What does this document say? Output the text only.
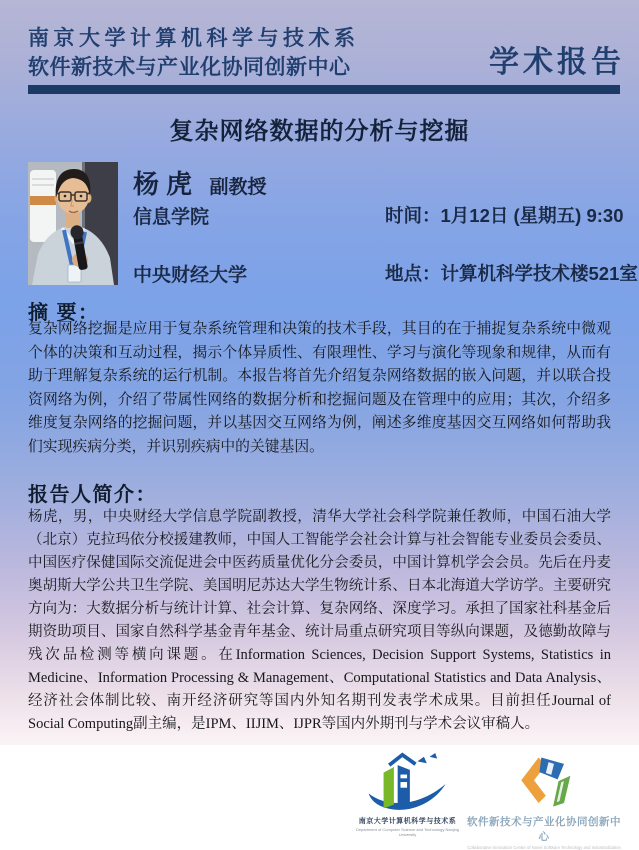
南京大学计算机科学与技术系
软件新技术与产业化协同创新中心	学术报告
复杂网络数据的分析与挖掘
杨虎 副教授
信息学院
中央财经大学
时间：1月12日 (星期五) 9:30
地点：计算机科学技术楼521室
摘 要：
复杂网络挖掘是应用于复杂系统管理和决策的技术手段，其目的在于捕捉复杂系统中微观个体的决策和互动过程，揭示个体异质性、有限理性、学习与演化等现象和规律，从而有助于理解复杂系统的运行机制。本报告将首先介绍复杂网络数据的嵌入问题，并以联合投资网络为例，介绍了带属性网络的数据分析和挖掘问题及在管理中的应用；其次，介绍多维度复杂网络的挖掘问题，并以基因交互网络为例，阐述多维度基因交互网络如何帮助我们实现疾病分类，并识别疾病中的关键基因。
报告人简介：
杨虎，男，中央财经大学信息学院副教授，清华大学社会科学院兼任教师，中国石油大学（北京）克拉玛依分校援建教师，中国人工智能学会社会计算与社会智能专业委员会委员、中国医疗保健国际交流促进会中医药质量优化分会委员，中国计算机学会会员。先后在丹麦奥胡斯大学公共卫生学院、美国明尼苏达大学生物统计系、日本北海道大学访学。主要研究方向为：大数据分析与统计计算、社会计算、复杂网络、深度学习。承担了国家社科基金后期资助项目、国家自然科学基金青年基金、统计局重点研究项目等纵向课题，及德勤故障与残次品检测等横向课题。在Information Sciences, Decision Support Systems, Statistics in Medicine、Information Processing & Management、Computational Statistics and Data Analysis、经济社会体制比较、南开经济研究等国内外知名期刊发表学术成果。目前担任Journal of Social Computing副主编，是IPM、IIJIM、IJPR等国内外期刊与学术会议审稿人。
南京大学计算机科学与技术系
Department of Computer Science and Technology Nanjing University
软件新技术与产业化协同创新中心
Collaborative Innovation Center of Novel Software Technology and Industrialization
